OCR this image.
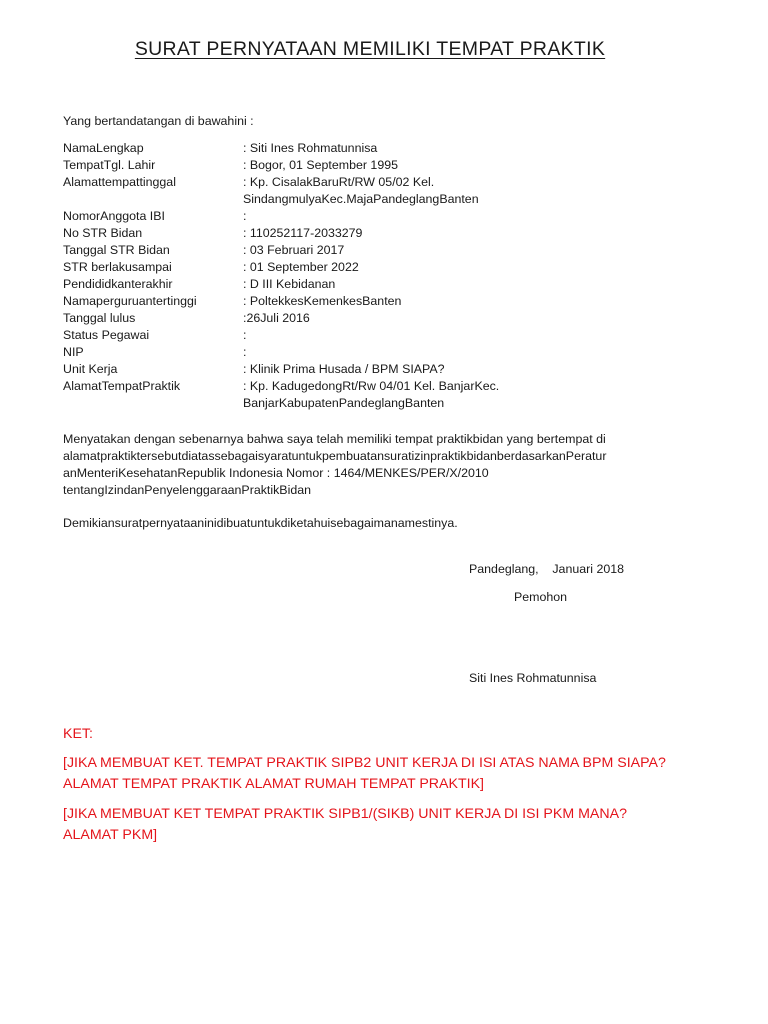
SURAT PERNYATAAN MEMILIKI TEMPAT PRAKTIK
Yang bertandatangan di bawahini :
NamaLengkap	: Siti Ines Rohmatunnisa
TempatTgl. Lahir	: Bogor, 01 September 1995
Alamattempattinggal	: Kp. CisalakBaruRt/RW 05/02 Kel.
SindangmulyaKec.MajaPandeglangBanten
NomorAnggota IBI	:
No STR Bidan	: 110252117-2033279
Tanggal STR Bidan	: 03 Februari 2017
STR berlakusampai	: 01 September 2022
Pendididkanterakhir	: D III Kebidanan
Namaperguruantertinggi	: PoltekkesKemenkesBanten
Tanggal lulus	:26Juli 2016
Status Pegawai	:
NIP	:
Unit Kerja	: Klinik Prima Husada / BPM SIAPA?
AlamatTempatPraktik	: Kp. KadugedongRt/Rw 04/01 Kel. BanjarKec.
BanjarKabupatenPandeglangBanten
Menyatakan dengan sebenarnya bahwa saya telah memiliki tempat praktikbidan yang bertempat di
alamatpraktiktersebutdiatassebagaisyaratuntukpembuatansuratizinpraktikbidanberdasarkanPeratur
anMenteriKesehatanRepublik Indonesia Nomor : 1464/MENKES/PER/X/2010
tentangIzindanPenyelenggaraanPraktikBidan
Demikiansuratpernyataaninidibuatuntukdiketahuisebagaimanamestinya.
Pandeglang,    Januari 2018
Pemohon
Siti Ines Rohmatunnisa
KET:
[JIKA MEMBUAT KET. TEMPAT PRAKTIK SIPB2 UNIT KERJA DI ISI ATAS NAMA BPM SIAPA? ALAMAT TEMPAT PRAKTIK ALAMAT RUMAH TEMPAT PRAKTIK]
[JIKA MEMBUAT KET TEMPAT PRAKTIK SIPB1/(SIKB) UNIT KERJA DI ISI PKM MANA? ALAMAT PKM]
